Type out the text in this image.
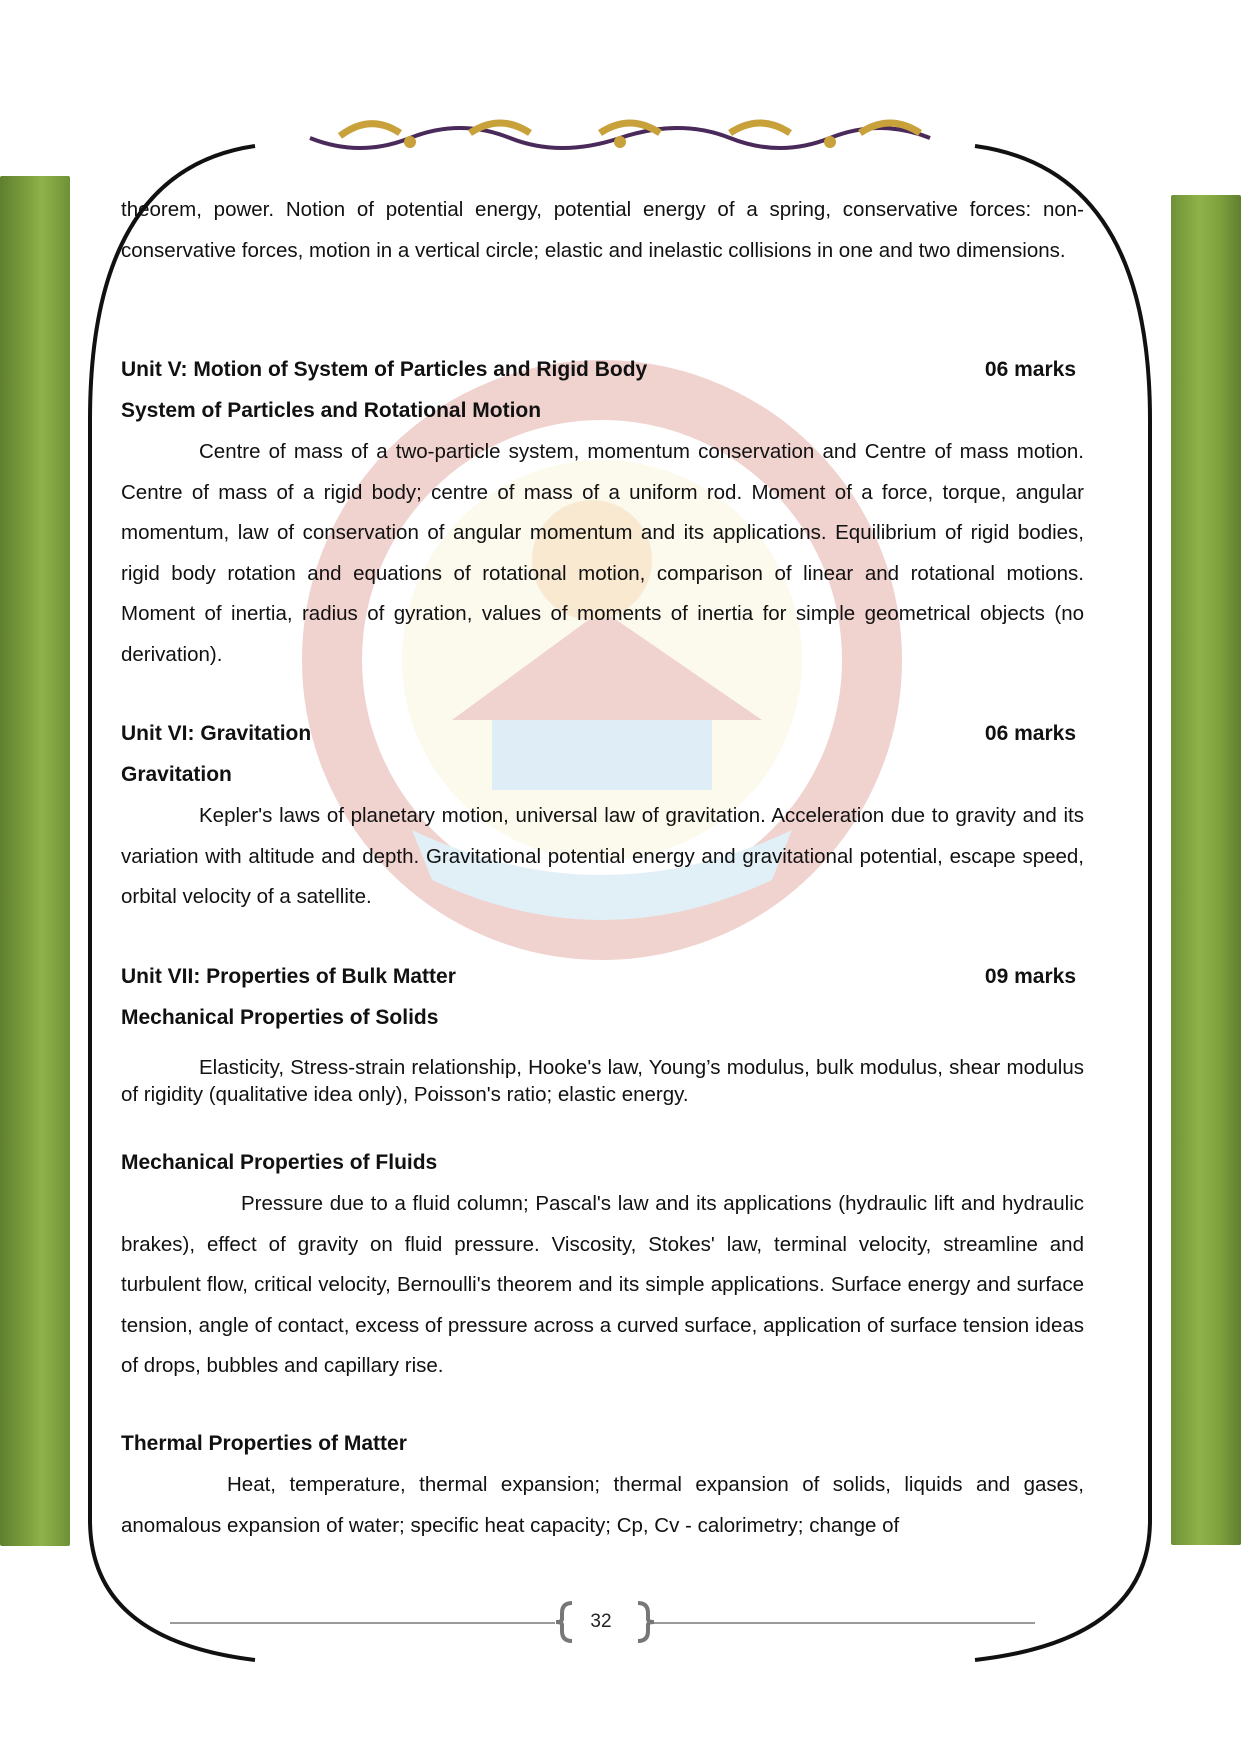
theorem, power. Notion of potential energy, potential energy of a spring, conservative forces: non-conservative forces, motion in a vertical circle; elastic and inelastic collisions in one and two dimensions.

Unit V: Motion of System of Particles and Rigid Body	06 marks
System of Particles and Rotational Motion

Centre of mass of a two-particle system, momentum conservation and Centre of mass motion. Centre of mass of a rigid body; centre of mass of a uniform rod. Moment of a force, torque, angular momentum, law of conservation of angular momentum and its applications. Equilibrium of rigid bodies, rigid body rotation and equations of rotational motion, comparison of linear and rotational motions. Moment of inertia, radius of gyration, values of moments of inertia for simple geometrical objects (no derivation).

Unit VI: Gravitation	06 marks
Gravitation

Kepler's laws of planetary motion, universal law of gravitation. Acceleration due to gravity and its variation with altitude and depth. Gravitational potential energy and gravitational potential, escape speed, orbital velocity of a satellite.

Unit VII: Properties of Bulk Matter	09 marks
Mechanical Properties of Solids

Elasticity, Stress-strain relationship, Hooke's law, Young’s modulus, bulk modulus, shear modulus of rigidity (qualitative idea only), Poisson's ratio; elastic energy.

Mechanical Properties of Fluids

Pressure due to a fluid column; Pascal's law and its applications (hydraulic lift and hydraulic brakes), effect of gravity on fluid pressure. Viscosity, Stokes' law, terminal velocity, streamline and turbulent flow, critical velocity, Bernoulli's theorem and its simple applications. Surface energy and surface tension, angle of contact, excess of pressure across a curved surface, application of surface tension ideas of drops, bubbles and capillary rise.

Thermal Properties of Matter

Heat, temperature, thermal expansion; thermal expansion of solids, liquids and gases, anomalous expansion of water; specific heat capacity; Cp, Cv - calorimetry; change of

32
